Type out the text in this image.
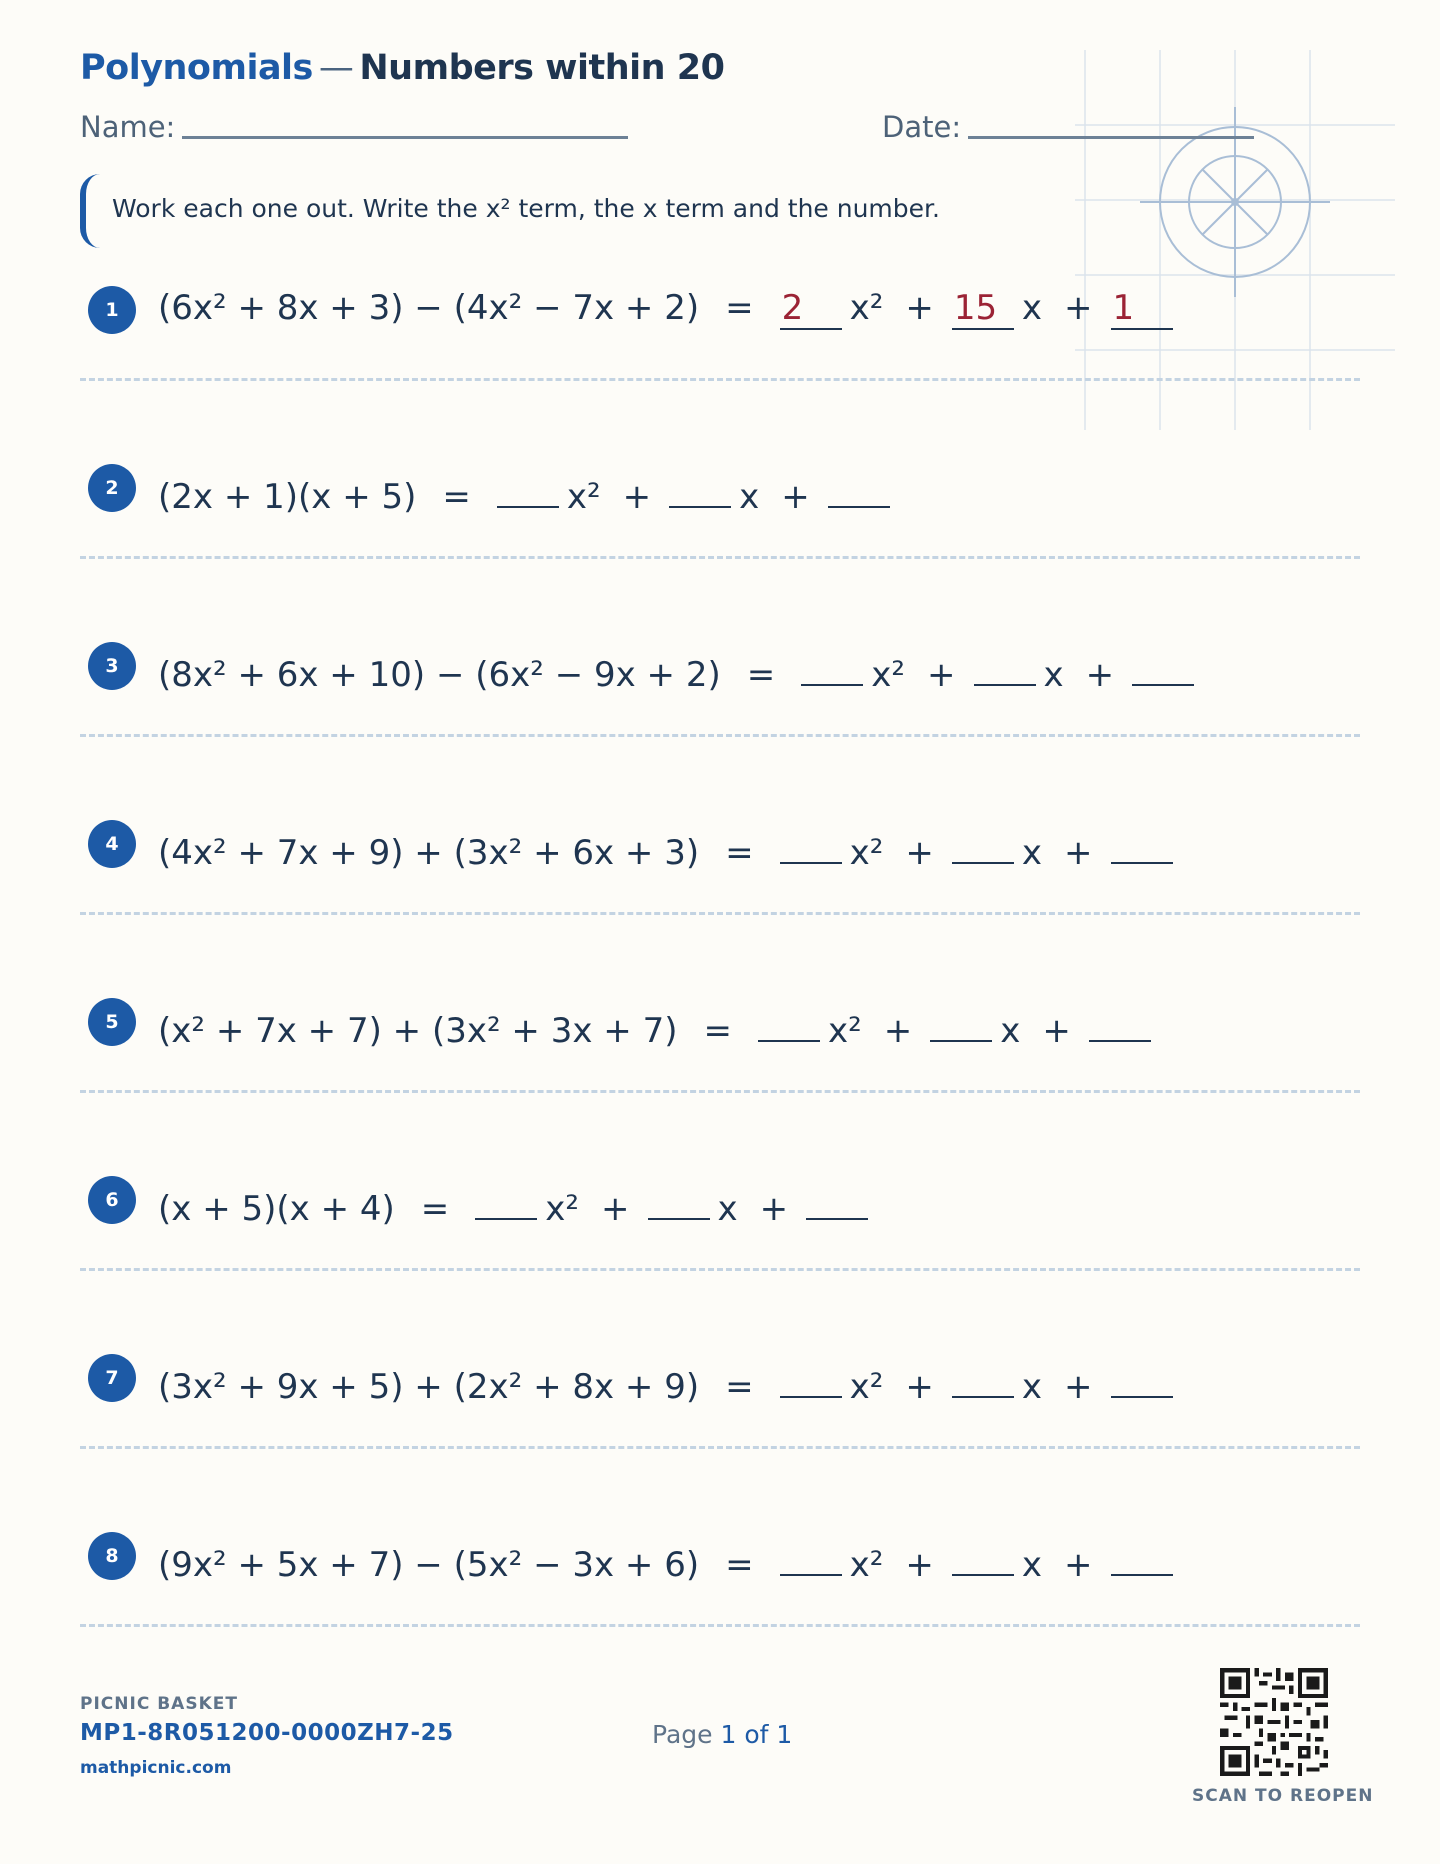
Polynomials — Numbers within 20
Name:	Date:
Work each one out. Write the x² term, the x term and the number.
1	(6x² + 8x + 3) − (4x² − 7x + 2) = 2	x² + 15 x + 1
2	(2x + 1)(x + 5) =	x² +	x +
3	(8x² + 6x + 10) − (6x² − 9x + 2) =	x² +	x +
4	(4x² + 7x + 9) + (3x² + 6x + 3) =	x² +	x +
5	(x² + 7x + 7) + (3x² + 3x + 7) =	x² +	x +
6	(x + 5)(x + 4) =	x² +	x +
7	(3x² + 9x + 5) + (2x² + 8x + 9) =	x² +	x +
8	(9x² + 5x + 7) − (5x² − 3x + 6) =	x² +	x +
PICNIC BASKET
MP1-8R051200-0000ZH7-25
mathpicnic.com
Page 1 of 1
SCAN TO REOPEN
